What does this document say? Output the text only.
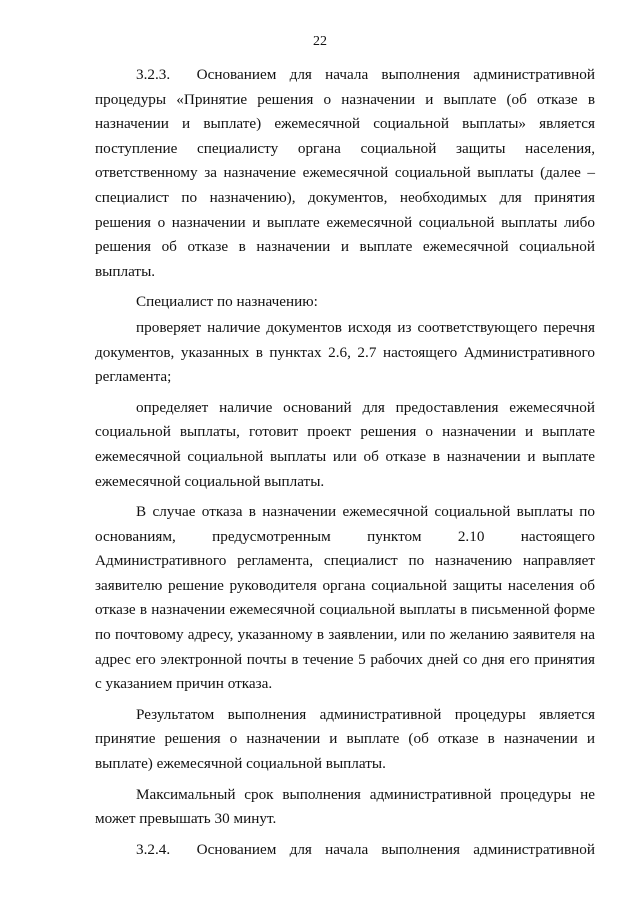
22

3.2.3.  Основанием для начала выполнения административной процедуры «Принятие решения о назначении и выплате (об отказе в назначении и выплате) ежемесячной социальной выплаты» является поступление специалисту органа социальной защиты населения, ответственному за назначение ежемесячной социальной выплаты (далее – специалист по назначению), документов, необходимых для принятия решения о назначении и выплате ежемесячной социальной выплаты либо решения об отказе в назначении и выплате ежемесячной социальной выплаты.

Специалист по назначению:

проверяет наличие документов исходя из соответствующего перечня документов, указанных в пунктах 2.6, 2.7 настоящего Административного регламента;

определяет наличие оснований для предоставления ежемесячной социальной выплаты, готовит проект решения о назначении и выплате ежемесячной социальной выплаты или об отказе в назначении и выплате ежемесячной социальной выплаты.

В случае отказа в назначении ежемесячной социальной выплаты по основаниям, предусмотренным пунктом 2.10 настоящего Административного регламента, специалист по назначению направляет заявителю решение руководителя органа социальной защиты населения об отказе в назначении ежемесячной социальной выплаты в письменной форме по почтовому адресу, указанному в заявлении, или по желанию заявителя на адрес его электронной почты в течение 5 рабочих дней со дня его принятия с указанием причин отказа.

Результатом выполнения административной процедуры является принятие решения о назначении и выплате (об отказе в назначении и выплате) ежемесячной социальной выплаты.

Максимальный срок выполнения административной процедуры не может превышать 30 минут.

3.2.4.  Основанием для начала выполнения административной
